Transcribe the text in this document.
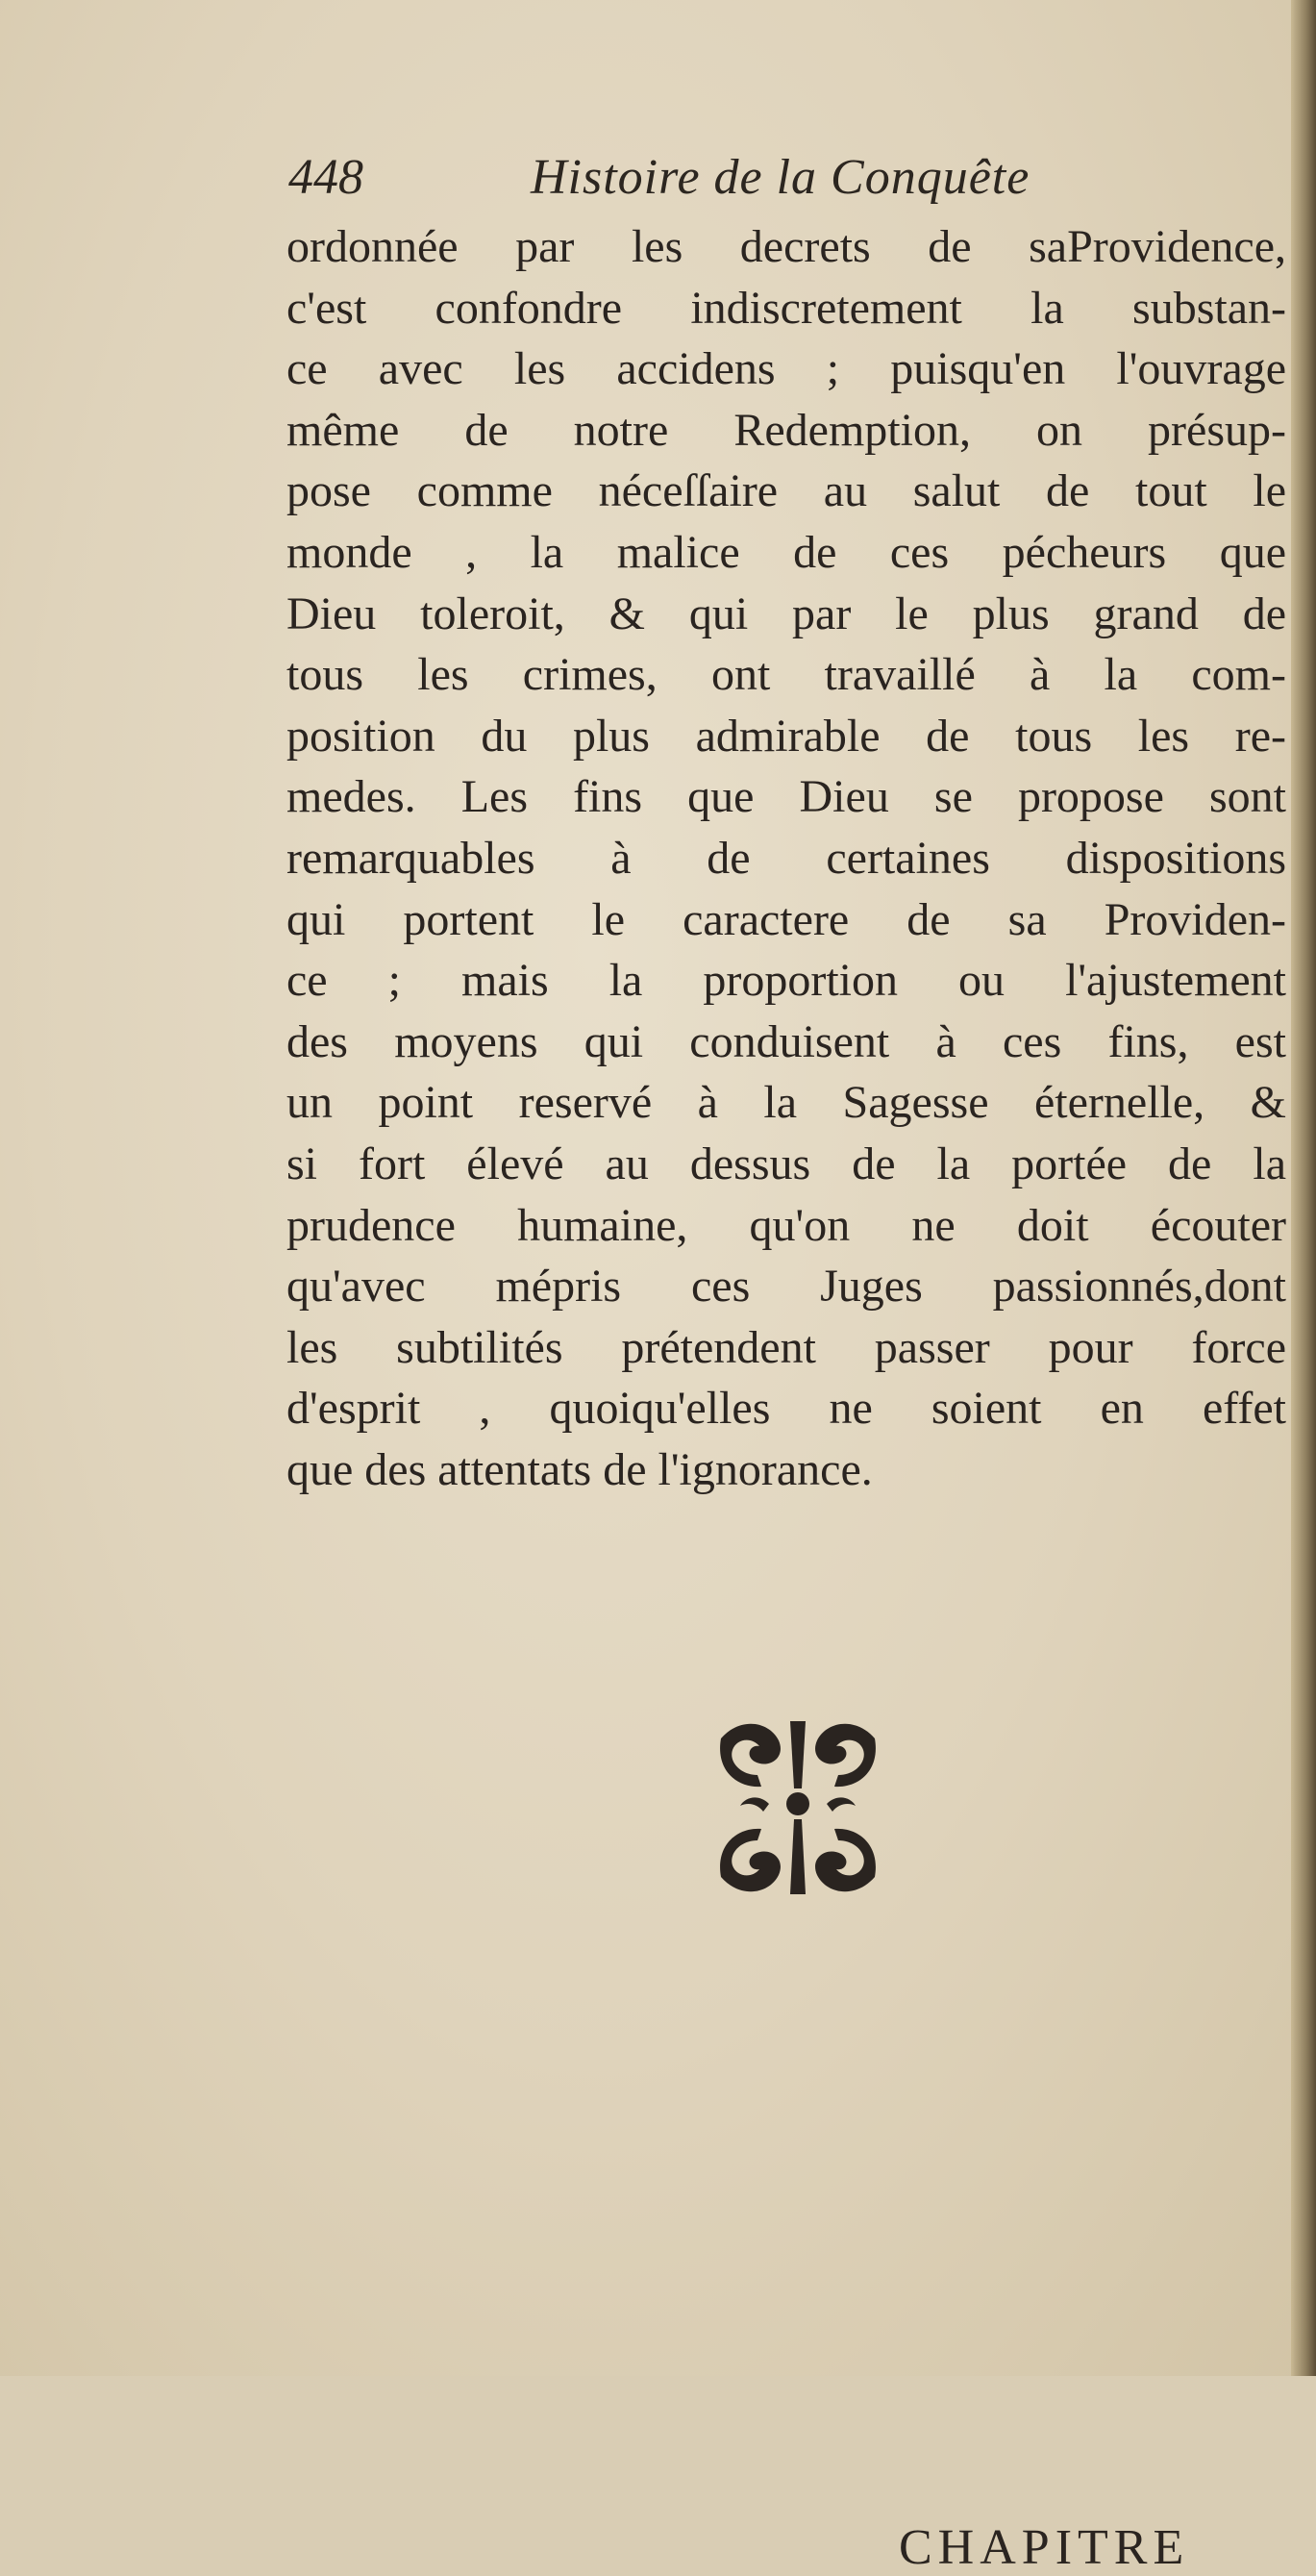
448	Histoire de la Conquête
ordonnée par les decrets de saProvidence,
c'est confondre indiscretement la substan-
ce avec les accidens ; puisqu'en l'ouvrage
même de notre Redemption, on présup-
pose comme néceſſaire au salut de tout le
monde , la malice de ces pécheurs que
Dieu toleroit, & qui par le plus grand de
tous les crimes, ont travaillé à la com-
position du plus admirable de tous les re-
medes. Les fins que Dieu se propose sont
remarquables à de certaines dispositions
qui portent le caractere de sa Providen-
ce ; mais la proportion ou l'ajustement
des moyens qui conduisent à ces fins, est
un point reservé à la Sagesse éternelle, &
si fort élevé au dessus de la portée de la
prudence humaine, qu'on ne doit écouter
qu'avec mépris ces Juges passionnés,dont
les subtilités prétendent passer pour force
d'esprit , quoiqu'elles ne soient en effet
que des attentats de l'ignorance.
CHAPITRE
